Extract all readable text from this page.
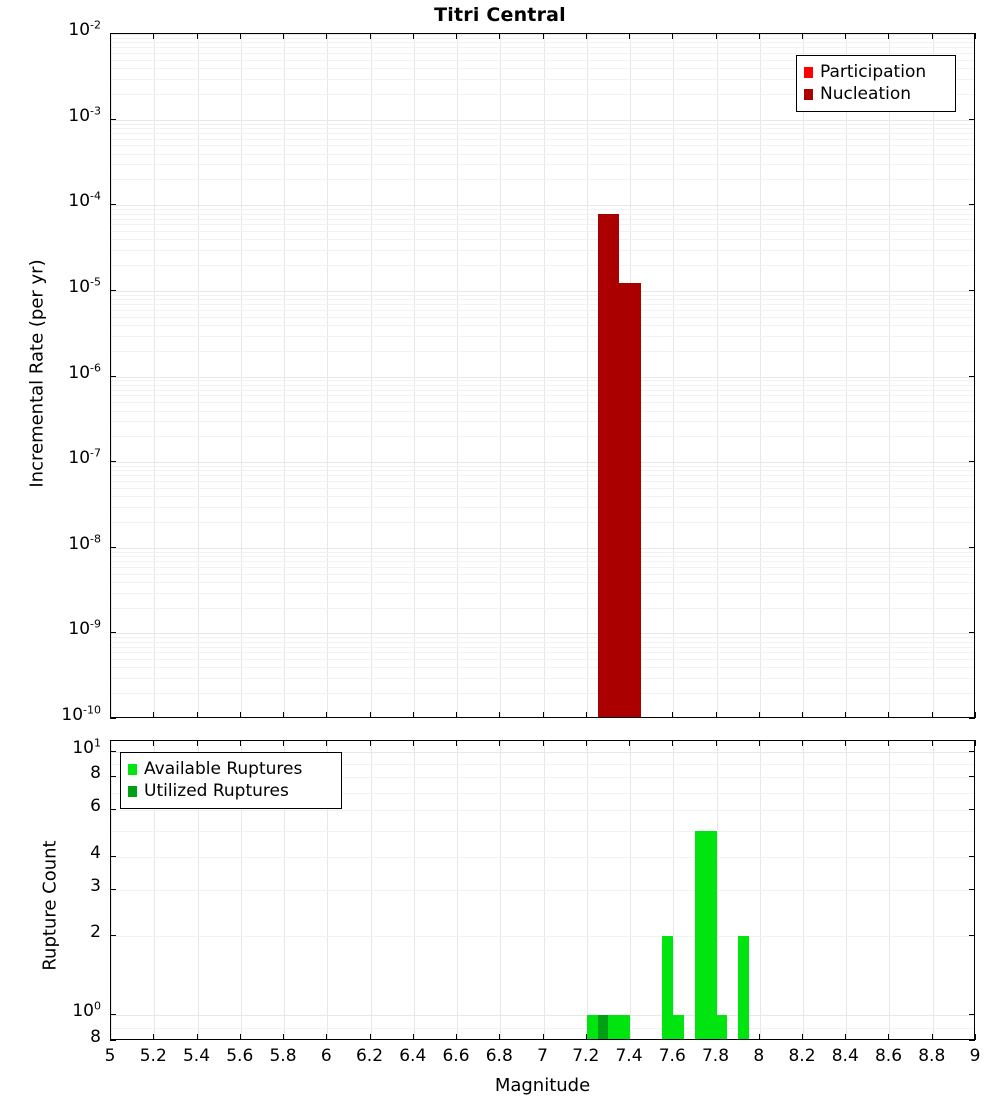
Titri Central
Incremental Rate (per yr)
Participation
Nucleation
Rupture Count
Available Ruptures
Utilized Ruptures
Magnitude
$10^{-2}$
$10^{-3}$
$10^{-4}$
$10^{-5}$
$10^{-6}$
$10^{-7}$
$10^{-8}$
$10^{-9}$
$10^{-10}$
$10^1$
8
6
4
3
2
$10^0$
8
5	5.2 5.4 5.6 5.8	6	6.2 6.4 6.6 6.8	7	7.2 7.4 7.6 7.8	8	8.2 8.4 8.6 8.8	9
